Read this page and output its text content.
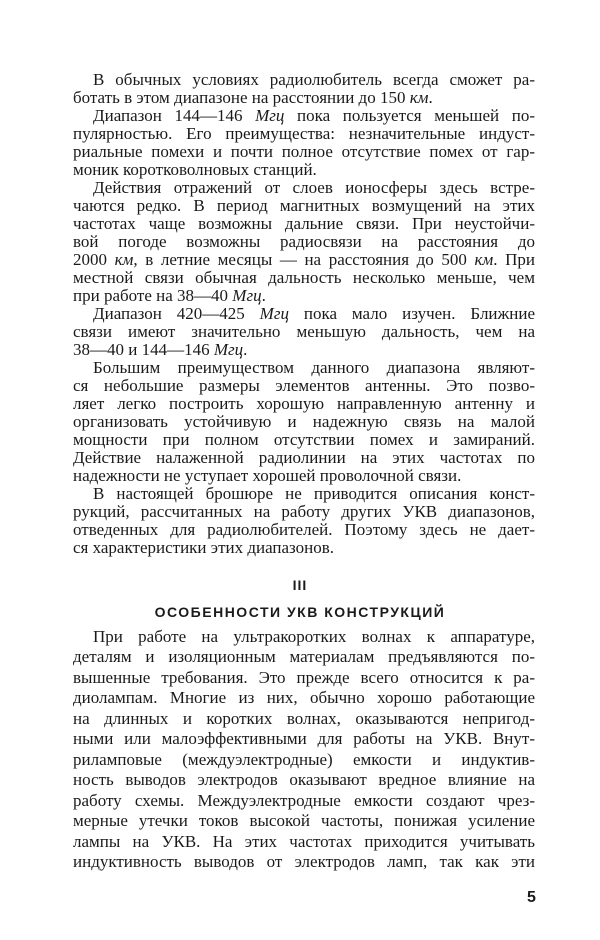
В обычных условиях радиолюбитель всегда сможет ра-
ботать в этом диапазоне на расстоянии до 150 км.
Диапазон 144—146 Мгц пока пользуется меньшей по-
пулярностью. Его преимущества: незначительные индуст-
риальные помехи и почти полное отсутствие помех от гар-
моник коротковолновых станций.
Действия отражений от слоев ионосферы здесь встре-
чаются редко. В период магнитных возмущений на этих
частотах чаще возможны дальние связи. При неустойчи-
вой погоде возможны радиосвязи на расстояния до
2000 км, в летние месяцы — на расстояния до 500 км. При
местной связи обычная дальность несколько меньше, чем
при работе на 38—40 Мгц.
Диапазон 420—425 Мгц пока мало изучен. Ближние
связи имеют значительно меньшую дальность, чем на
38—40 и 144—146 Мгц.
Большим преимуществом данного диапазона являют-
ся небольшие размеры элементов антенны. Это позво-
ляет легко построить хорошую направленную антенну и
организовать устойчивую и надежную связь на малой
мощности при полном отсутствии помех и замираний.
Действие налаженной радиолинии на этих частотах по
надежности не уступает хорошей проволочной связи.
В настоящей брошюре не приводится описания конст-
рукций, рассчитанных на работу других УКВ диапазонов,
отведенных для радиолюбителей. Поэтому здесь не дает-
ся характеристики этих диапазонов.
III
ОСОБЕННОСТИ УКВ КОНСТРУКЦИЙ
При работе на ультракоротких волнах к аппаратуре,
деталям и изоляционным материалам предъявляются по-
вышенные требования. Это прежде всего относится к ра-
диолампам. Многие из них, обычно хорошо работающие
на длинных и коротких волнах, оказываются непригод-
ными или малоэффективными для работы на УКВ. Внут-
риламповые (междуэлектродные) емкости и индуктив-
ность выводов электродов оказывают вредное влияние на
работу схемы. Междуэлектродные емкости создают чрез-
мерные утечки токов высокой частоты, понижая усиление
лампы на УКВ. На этих частотах приходится учитывать
индуктивность выводов от электродов ламп, так как эти
5
